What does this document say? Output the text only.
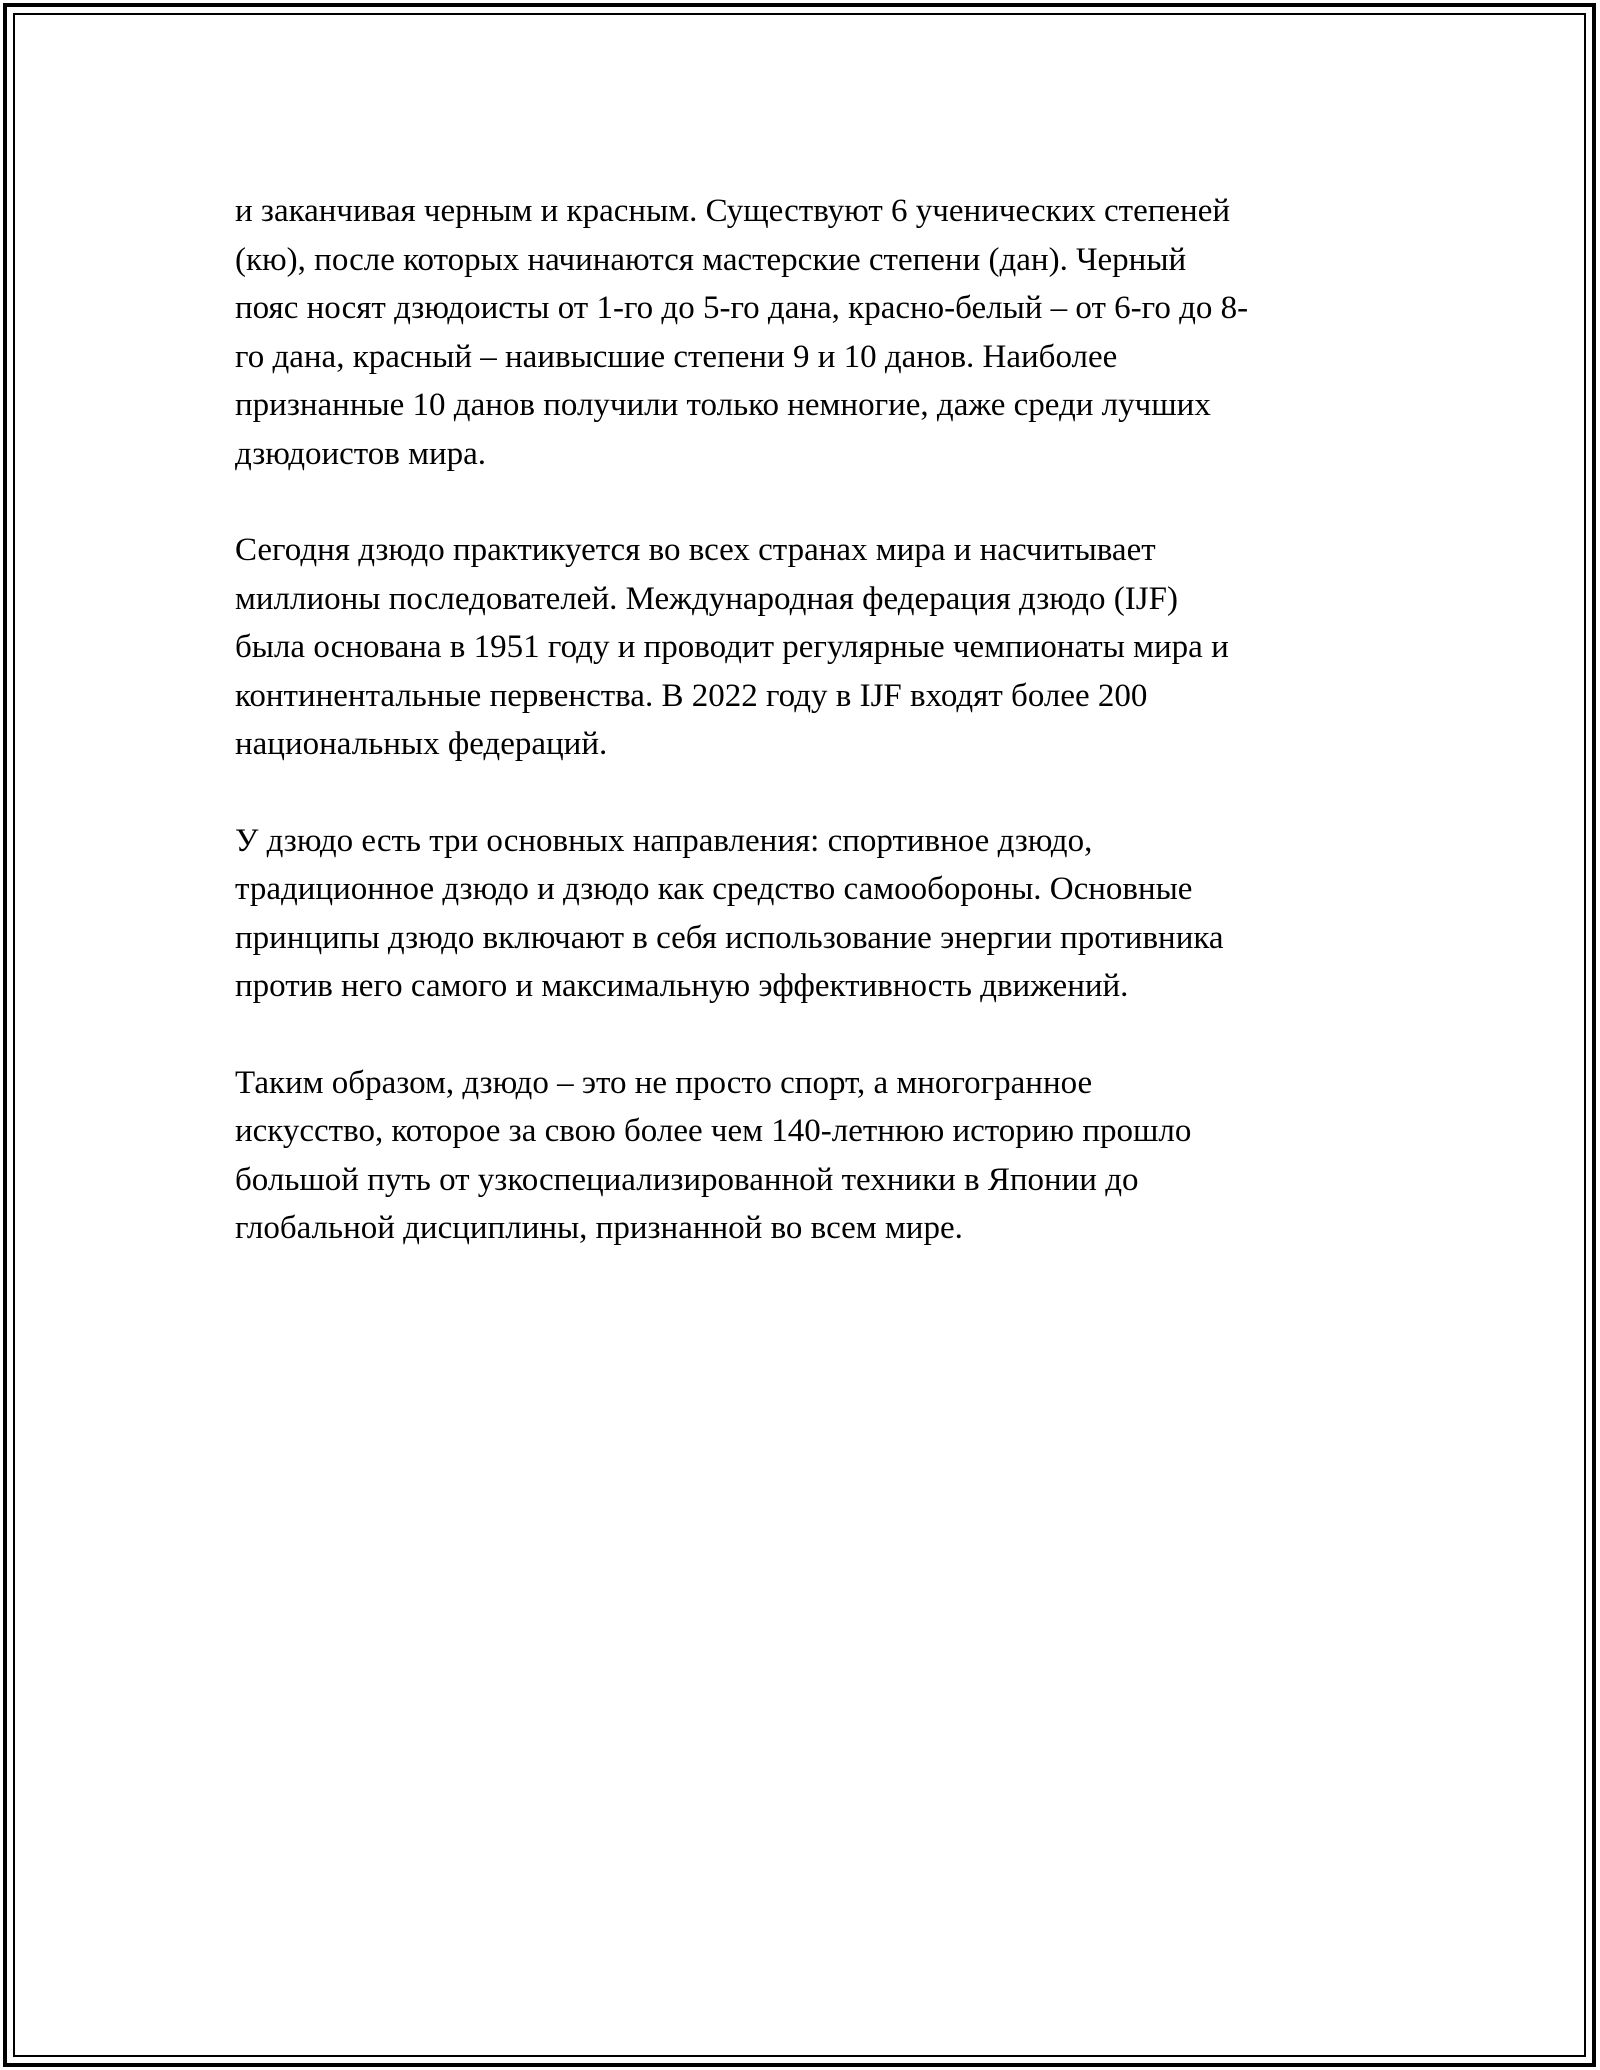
и заканчивая черным и красным. Существуют 6 ученических степеней
(кю), после которых начинаются мастерские степени (дан). Черный
пояс носят дзюдоисты от 1-го до 5-го дана, красно-белый – от 6-го до 8-
го дана, красный – наивысшие степени 9 и 10 данов. Наиболее
признанные 10 данов получили только немногие, даже среди лучших
дзюдоистов мира.

Сегодня дзюдо практикуется во всех странах мира и насчитывает
миллионы последователей. Международная федерация дзюдо (IJF)
была основана в 1951 году и проводит регулярные чемпионаты мира и
континентальные первенства. В 2022 году в IJF входят более 200
национальных федераций.

У дзюдо есть три основных направления: спортивное дзюдо,
традиционное дзюдо и дзюдо как средство самообороны. Основные
принципы дзюдо включают в себя использование энергии противника
против него самого и максимальную эффективность движений.

Таким образом, дзюдо – это не просто спорт, а многогранное
искусство, которое за свою более чем 140-летнюю историю прошло
большой путь от узкоспециализированной техники в Японии до
глобальной дисциплины, признанной во всем мире.
